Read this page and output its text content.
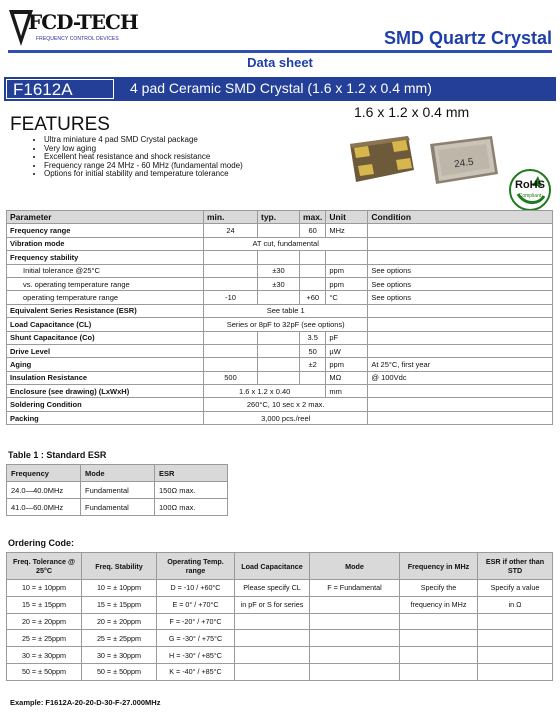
FCD-TECH
FREQUENCY CONTROL DEVICES	SMD Quartz Crystal
Data sheet
F1612A	4 pad Ceramic SMD Crystal (1.6 x 1.2 x 0.4 mm)
1.6 x 1.2 x 0.4 mm
FEATURES
• Ultra miniature 4 pad SMD Crystal package
• Very low aging
• Excellent heat resistance and shock resistance
• Frequency range 24 MHz - 60 MHz (fundamental mode)
• Options for initial stability and temperature tolerance
24.5
RoHS
Compliant
Parameter	min.	typ.	max.	Unit	Condition
Frequency range	24		60	MHz	
Vibration mode	AT cut, fundamental				
Frequency stability					
Initial tolerance @25°C		±30		ppm	See options
vs. operating temperature range		±30		ppm	See options
operating temperature range	-10		+60	°C	See options
Equivalent Series Resistance (ESR)	See table 1				
Load Capacitance (CL)	Series or 8pF to 32pF (see options)				
Shunt Capacitance (Co)			3.5	pF	
Drive Level			50	µW	
Aging			±2	ppm	At 25°C, first year
Insulation Resistance	500			MΩ	@ 100Vdc
Enclosure (see drawing) (LxWxH)	1.6 x 1.2 x 0.40			mm	
Soldering Condition	260°C, 10 sec x 2 max.				
Packing	3,000 pcs./reel				
Table 1 : Standard ESR
Frequency	Mode	ESR
24.0—40.0MHz	Fundamental	150Ω max.
41.0—60.0MHz	Fundamental	100Ω max.
Ordering Code:
Freq. Tolerance @ 25°C	Freq. Stability	Operating Temp. range	Load Capacitance	Mode	Frequency in MHz	ESR if other than STD
10 = ± 10ppm	10 = ± 10ppm	D = -10 / +60°C	Please specify CL	F = Fundamental	Specify the	Specify a value
15 = ± 15ppm	15 = ± 15ppm	E = 0° / +70°C	in pF or S for series		frequency in MHz	in Ω
20 = ± 20ppm	20 = ± 20ppm	F = -20° / +70°C				
25 = ± 25ppm	25 = ± 25ppm	G = -30° / +75°C				
30 = ± 30ppm	30 = ± 30ppm	H = -30° / +85°C				
50 = ± 50ppm	50 = ± 50ppm	K = -40° / +85°C				
Example: F1612A-20-20-D-30-F-27.000MHz
